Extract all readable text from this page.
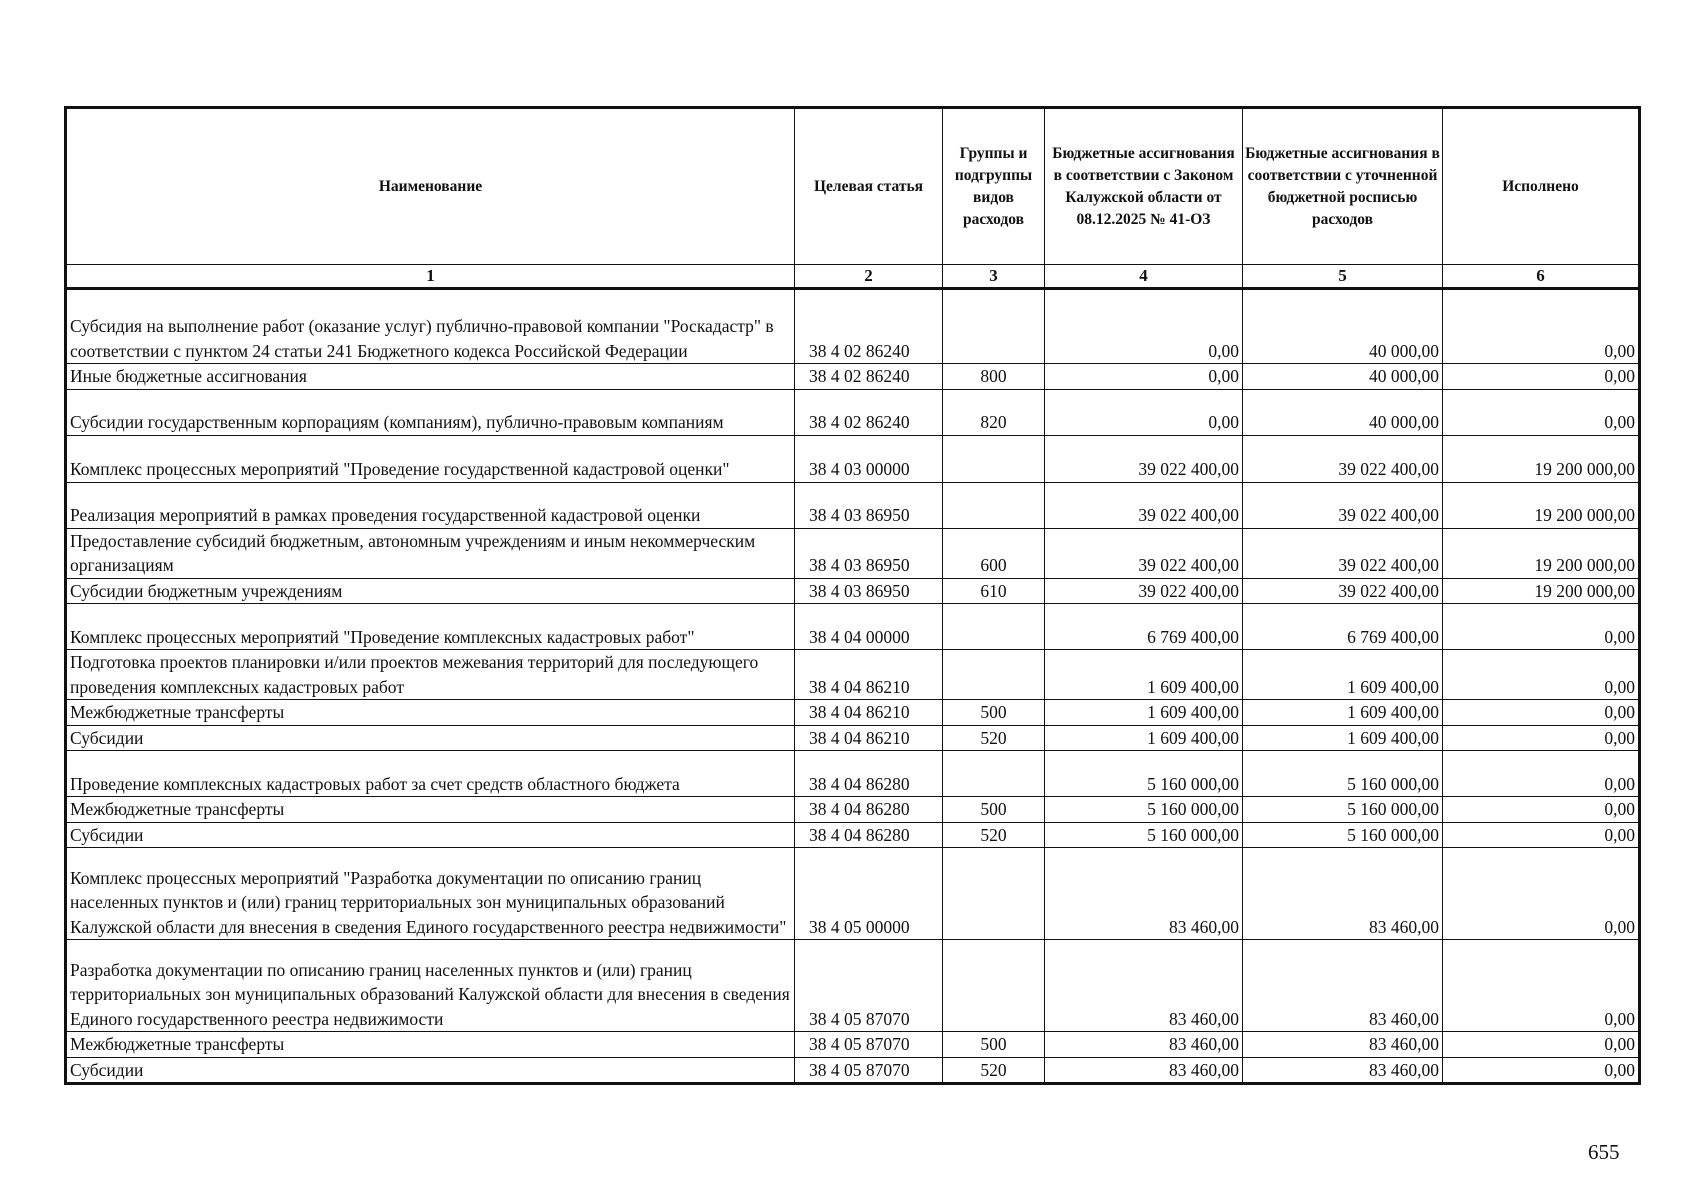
Наименование	Целевая статья	Группы и подгруппы видов расходов	Бюджетные ассигнования в соответствии с Законом Калужской области от 08.12.2025 № 41-ОЗ	Бюджетные ассигнования в соответствии с уточненной бюджетной росписью расходов	Исполнено
1	2	3	4	5	6
Субсидия на выполнение работ (оказание услуг) публично-правовой компании "Роскадастр" в соответствии с пунктом 24 статьи 241 Бюджетного кодекса Российской Федерации	38 4 02 86240		0,00	40 000,00	0,00
Иные бюджетные ассигнования	38 4 02 86240	800	0,00	40 000,00	0,00
Субсидии государственным корпорациям (компаниям), публично-правовым компаниям	38 4 02 86240	820	0,00	40 000,00	0,00
Комплекс процессных мероприятий "Проведение государственной кадастровой оценки"	38 4 03 00000		39 022 400,00	39 022 400,00	19 200 000,00
Реализация мероприятий в рамках проведения государственной кадастровой оценки	38 4 03 86950		39 022 400,00	39 022 400,00	19 200 000,00
Предоставление субсидий бюджетным, автономным учреждениям и иным некоммерческим организациям	38 4 03 86950	600	39 022 400,00	39 022 400,00	19 200 000,00
Субсидии бюджетным учреждениям	38 4 03 86950	610	39 022 400,00	39 022 400,00	19 200 000,00
Комплекс процессных мероприятий "Проведение комплексных кадастровых работ"	38 4 04 00000		6 769 400,00	6 769 400,00	0,00
Подготовка проектов планировки и/или проектов межевания территорий для последующего проведения комплексных кадастровых работ	38 4 04 86210		1 609 400,00	1 609 400,00	0,00
Межбюджетные трансферты	38 4 04 86210	500	1 609 400,00	1 609 400,00	0,00
Субсидии	38 4 04 86210	520	1 609 400,00	1 609 400,00	0,00
Проведение комплексных кадастровых работ за счет средств областного бюджета	38 4 04 86280		5 160 000,00	5 160 000,00	0,00
Межбюджетные трансферты	38 4 04 86280	500	5 160 000,00	5 160 000,00	0,00
Субсидии	38 4 04 86280	520	5 160 000,00	5 160 000,00	0,00
Комплекс процессных мероприятий "Разработка документации по описанию границ населенных пунктов и (или) границ территориальных зон муниципальных образований Калужской области для внесения в сведения Единого государственного реестра недвижимости"	38 4 05 00000		83 460,00	83 460,00	0,00
Разработка документации по описанию границ населенных пунктов и (или) границ территориальных зон муниципальных образований Калужской области для внесения в сведения Единого государственного реестра недвижимости	38 4 05 87070		83 460,00	83 460,00	0,00
Межбюджетные трансферты	38 4 05 87070	500	83 460,00	83 460,00	0,00
Субсидии	38 4 05 87070	520	83 460,00	83 460,00	0,00
655
